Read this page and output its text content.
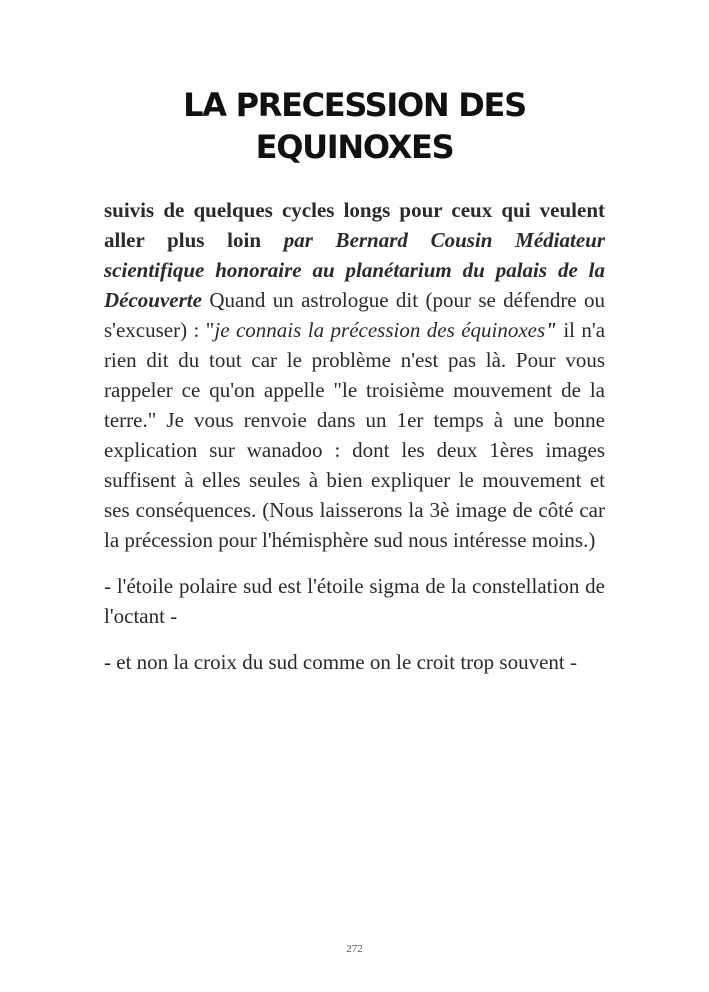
LA PRECESSION DES EQUINOXES

suivis de quelques cycles longs pour ceux qui veulent aller plus loin par Bernard Cousin Médiateur scientifique honoraire au planétarium du palais de la Découverte Quand un astrologue dit (pour se défendre ou s'excuser) : "je connais la précession des équinoxes" il n'a rien dit du tout car le problème n'est pas là. Pour vous rappeler ce qu'on appelle "le troisième mouvement de la terre." Je vous renvoie dans un 1er temps à une bonne explication sur wanadoo : dont les deux 1ères images suffisent à elles seules à bien expliquer le mouvement et ses conséquences. (Nous laisserons la 3è image de côté car la précession pour l'hémisphère sud nous intéresse moins.)

- l'étoile polaire sud est l'étoile sigma de la constellation de l'octant -

- et non la croix du sud comme on le croit trop souvent -

272
